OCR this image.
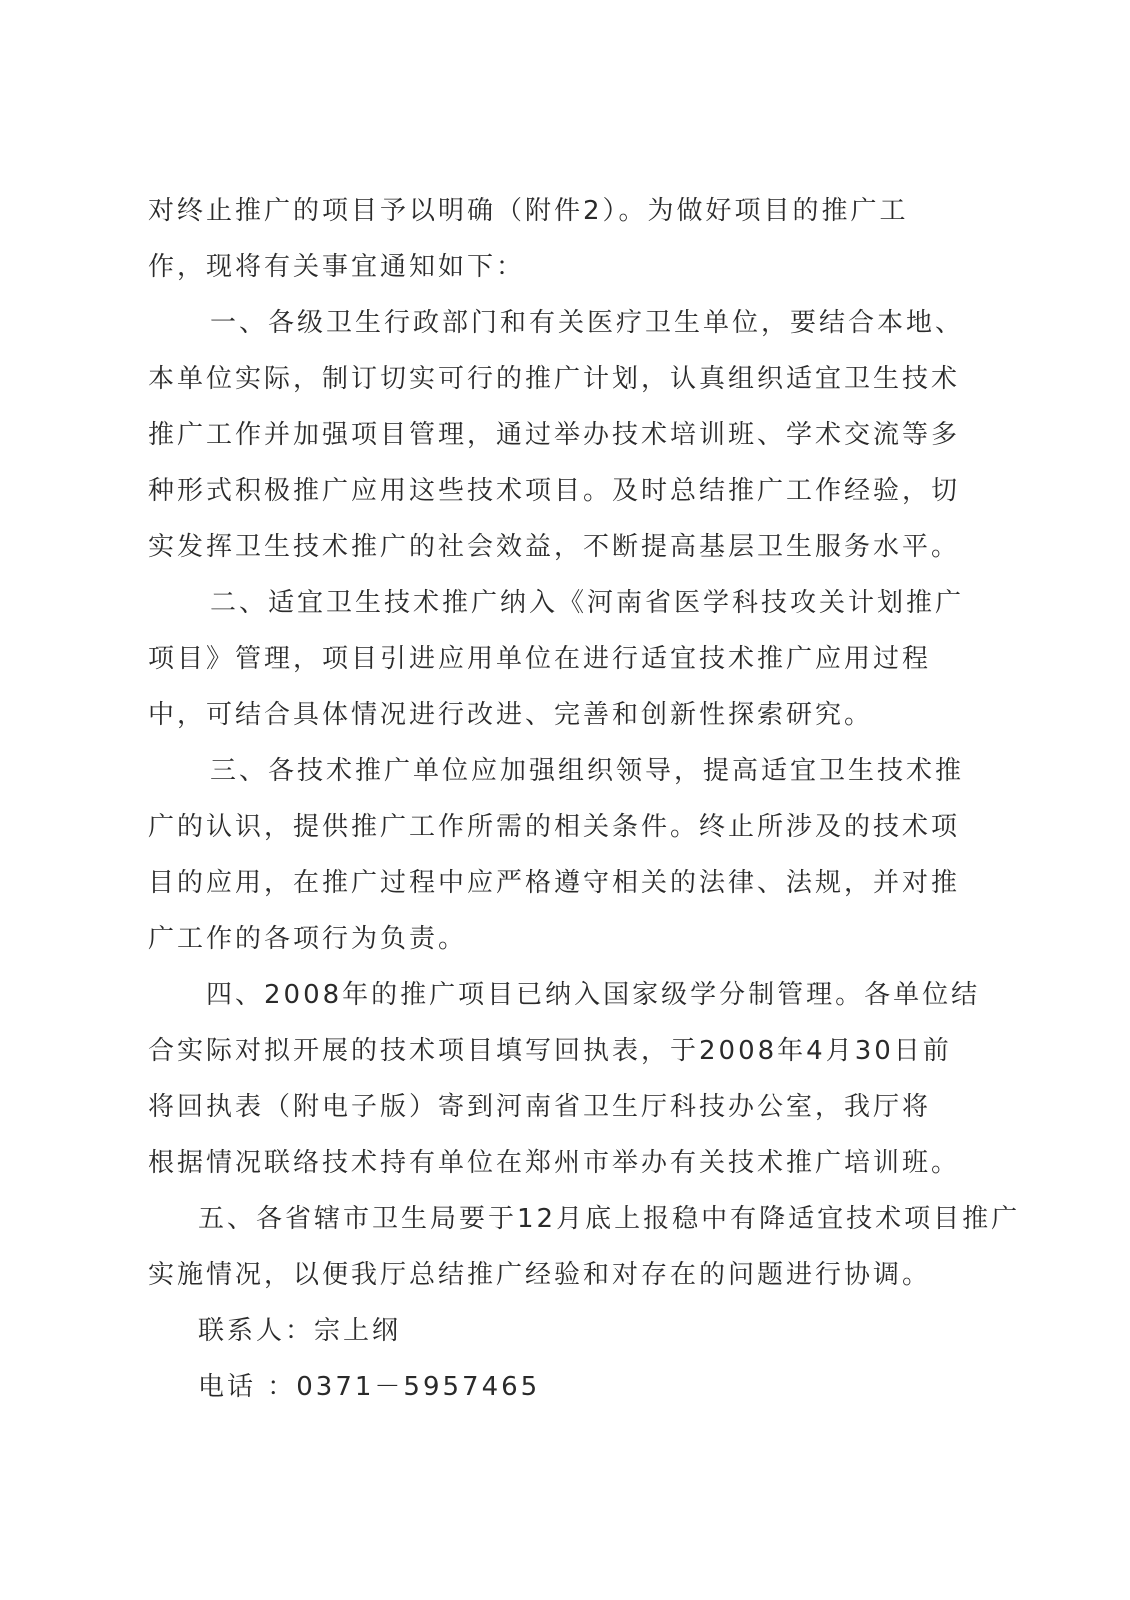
对终止推广的项目予以明确（附件2）。为做好项目的推广工
作，现将有关事宜通知如下：
一、各级卫生行政部门和有关医疗卫生单位，要结合本地、
本单位实际，制订切实可行的推广计划，认真组织适宜卫生技术
推广工作并加强项目管理，通过举办技术培训班、学术交流等多
种形式积极推广应用这些技术项目。及时总结推广工作经验，切
实发挥卫生技术推广的社会效益，不断提高基层卫生服务水平。
二、适宜卫生技术推广纳入《河南省医学科技攻关计划推广
项目》管理，项目引进应用单位在进行适宜技术推广应用过程
中，可结合具体情况进行改进、完善和创新性探索研究。
三、各技术推广单位应加强组织领导，提高适宜卫生技术推
广的认识，提供推广工作所需的相关条件。终止所涉及的技术项
目的应用，在推广过程中应严格遵守相关的法律、法规，并对推
广工作的各项行为负责。
四、2008年的推广项目已纳入国家级学分制管理。各单位结
合实际对拟开展的技术项目填写回执表，于2008年4月30日前
将回执表（附电子版）寄到河南省卫生厅科技办公室，我厅将
根据情况联络技术持有单位在郑州市举办有关技术推广培训班。
五、各省辖市卫生局要于12月底上报稳中有降适宜技术项目推广
实施情况，以便我厅总结推广经验和对存在的问题进行协调。
联系人：宗上纲
电话 ：0371－5957465
